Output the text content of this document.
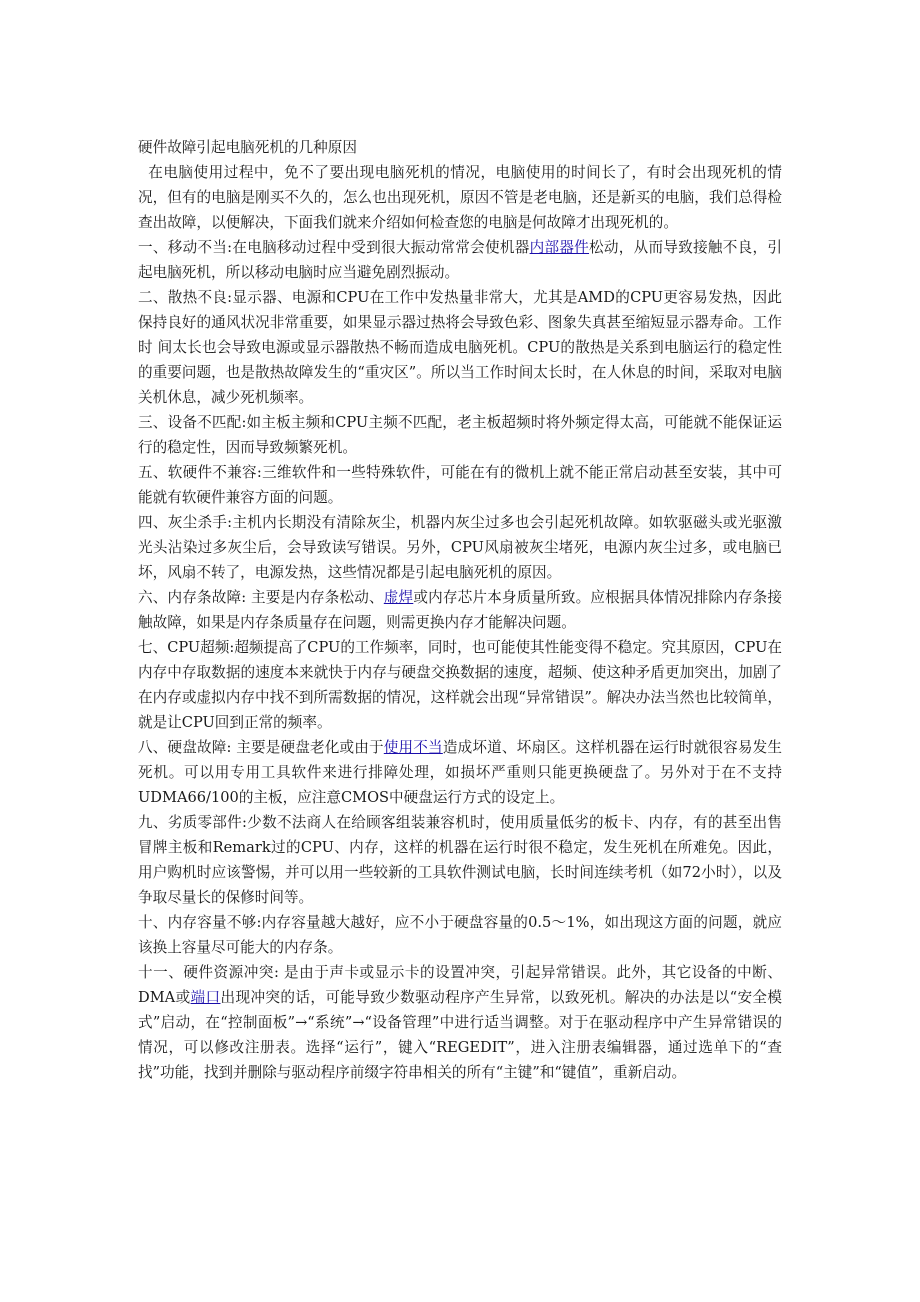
硬件故障引起电脑死机的几种原因

在电脑使用过程中，免不了要出现电脑死机的情况，电脑使用的时间长了，有时会出现死机的情况，但有的电脑是刚买不久的，怎么也出现死机，原因不管是老电脑，还是新买的电脑，我们总得检查出故障，以便解决，下面我们就来介绍如何检查您的电脑是何故障才出现死机的。

一、移动不当:在电脑移动过程中受到很大振动常常会使机器内部器件松动，从而导致接触不良，引起电脑死机，所以移动电脑时应当避免剧烈振动。

二、散热不良:显示器、电源和CPU在工作中发热量非常大，尤其是AMD的CPU更容易发热，因此保持良好的通风状况非常重要，如果显示器过热将会导致色彩、图象失真甚至缩短显示器寿命。工作时 间太长也会导致电源或显示器散热不畅而造成电脑死机。CPU的散热是关系到电脑运行的稳定性的重要问题，也是散热故障发生的“重灾区”。所以当工作时间太长时，在人休息的时间，采取对电脑关机休息，减少死机频率。

三、设备不匹配:如主板主频和CPU主频不匹配，老主板超频时将外频定得太高，可能就不能保证运行的稳定性，因而导致频繁死机。

五、软硬件不兼容:三维软件和一些特殊软件，可能在有的微机上就不能正常启动甚至安装，其中可能就有软硬件兼容方面的问题。

四、灰尘杀手:主机内长期没有清除灰尘，机器内灰尘过多也会引起死机故障。如软驱磁头或光驱激光头沾染过多灰尘后，会导致读写错误。另外，CPU风扇被灰尘堵死，电源内灰尘过多，或电脑已坏，风扇不转了，电源发热，这些情况都是引起电脑死机的原因。

六、内存条故障: 主要是内存条松动、虚焊或内存芯片本身质量所致。应根据具体情况排除内存条接触故障，如果是内存条质量存在问题，则需更换内存才能解决问题。

七、CPU超频:超频提高了CPU的工作频率，同时，也可能使其性能变得不稳定。究其原因，CPU在内存中存取数据的速度本来就快于内存与硬盘交换数据的速度，超频、使这种矛盾更加突出，加剧了在内存或虚拟内存中找不到所需数据的情况，这样就会出现“异常错误”。解决办法当然也比较简单，就是让CPU回到正常的频率。

八、硬盘故障: 主要是硬盘老化或由于使用不当造成坏道、坏扇区。这样机器在运行时就很容易发生死机。可以用专用工具软件来进行排障处理，如损坏严重则只能更换硬盘了。另外对于在不支持UDMA66/100的主板，应注意CMOS中硬盘运行方式的设定上。

九、劣质零部件:少数不法商人在给顾客组装兼容机时，使用质量低劣的板卡、内存，有的甚至出售冒牌主板和Remark过的CPU、内存，这样的机器在运行时很不稳定，发生死机在所难免。因此，用户购机时应该警惕，并可以用一些较新的工具软件测试电脑，长时间连续考机（如72小时），以及争取尽量长的保修时间等。

十、内存容量不够:内存容量越大越好，应不小于硬盘容量的0.5～1%，如出现这方面的问题，就应该换上容量尽可能大的内存条。

十一、硬件资源冲突: 是由于声卡或显示卡的设置冲突，引起异常错误。此外，其它设备的中断、DMA或端口出现冲突的话，可能导致少数驱动程序产生异常，以致死机。解决的办法是以“安全模式”启动，在“控制面板”→“系统”→“设备管理”中进行适当调整。对于在驱动程序中产生异常错误的情况，可以修改注册表。选择“运行”，键入“REGEDIT”，进入注册表编辑器，通过选单下的“查找”功能，找到并删除与驱动程序前缀字符串相关的所有“主键”和“键值”，重新启动。
